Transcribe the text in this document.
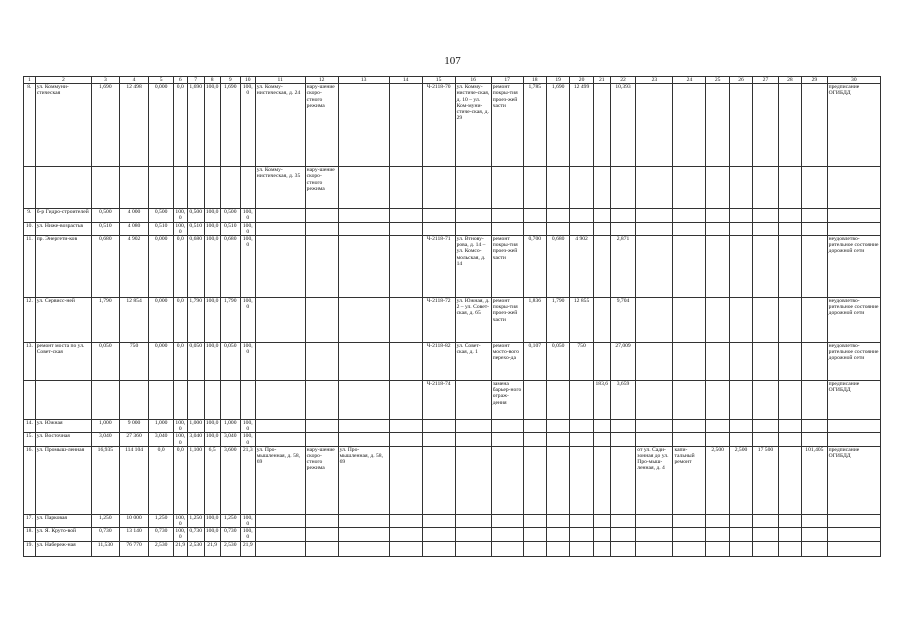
107
1	2	3	4	5	6	7	8	9	10	11	12	13	14	15	16	17	18	19	20	21	22	23	24	25	26	27	28	29	30
8.	ул. Коммуни-стическая	1,690	12 498	0,000	0,0	1,690	100,0	1,690	100,0	ул. Комму-нистическая, д. 24	нару-шение скоро-стного режима			Ч-2118-70	ул. Комму-нистиче-ская, д. 10 – ул. Ком-муни-стиче-ская, д. 29	ремонт покры-тия проез-жей части	1,785	1,690	12 499		10,393								предписание ОГИБДД
										ул. Комму-нистическая, д. 35	нару-шение скоро-стного режима																		
9.	б-р Гидро-строителей	0,500	4 000	0,500	100,0	0,500	100,0	0,500	100,0																				
10.	ул. Ниже-возрастьв	0,510	4 080	0,510	100,0	0,510	100,0	0,510	100,0																				
11.	пр. Энергети-ков	0,680	4 902	0,000	0,0	0,680	100,0	0,680	100,0					Ч-2118-71	ул. Втнову-рова, д. 14 – ул. Комсо-мольская, д. 14	ремонт покры-тия проез-жей части	0,700	0,680	4 902		2,871								неудовлетво-рительное состояние дорожной сети
12.	ул. Сервисс-ней	1,790	12 854	0,000	0,0	1,790	100,0	1,790	100,0					Ч-2118-72	ул. Южная, д. 2 – ул. Совет-ская, д. 65	ремонт покры-тия проез-жей части	1,836	1,790	12 855		9,704								неудовлетво-рительное состояние дорожной сети
13.	ремонт моста по ул. Совет-ская	0,050	750	0,000	0,0	0,050	100,0	0,050	100,0					Ч-2118-82	ул. Совет-ская, д. 1	ремонт мосто-вого перехо-да	0,107	0,050	750		27,009								неудовлетво-рительное состояние дорожной сети
														Ч-2118-74		замена барьер-ного ограж-дения				183,6	3,659								предписание ОГИБДД
14.	ул. Южная	1,000	9 000	1,000	100,0	1,000	100,0	1,000	100,0																				
15.	ул. Восточная	3,040	27 360	3,040	100,0	3,040	100,0	3,040	100,0																				
16.	ул. Промыш-ленная	16,935	114 104	0,0	0,0	1,100	6,5	3,600	21,3	ул. Про-мышленная, д. 58, 69	нару-шение скоро-стного режима	ул. Про-мышленная, д. 58, 69										от ул. Сади-зонная до ул. Про-мыш-ленная, д. 4	капи-тальный ремонт	2,500	2,500	17 500		101,405	предписание ОГИБДД
17.	ул. Парковая	1,250	10 000	1,250	100,0	1,250	100,0	1,250	100,0																				
18.	ул. Я. Круто-вой	0,730	13 140	0,730	100,0	0,730	100,0	0,730	100,0																				
19.	ул. Набереж-ная	11,530	76 770	2,530	21,9	2,530	21,9	2,530	21,9																				
